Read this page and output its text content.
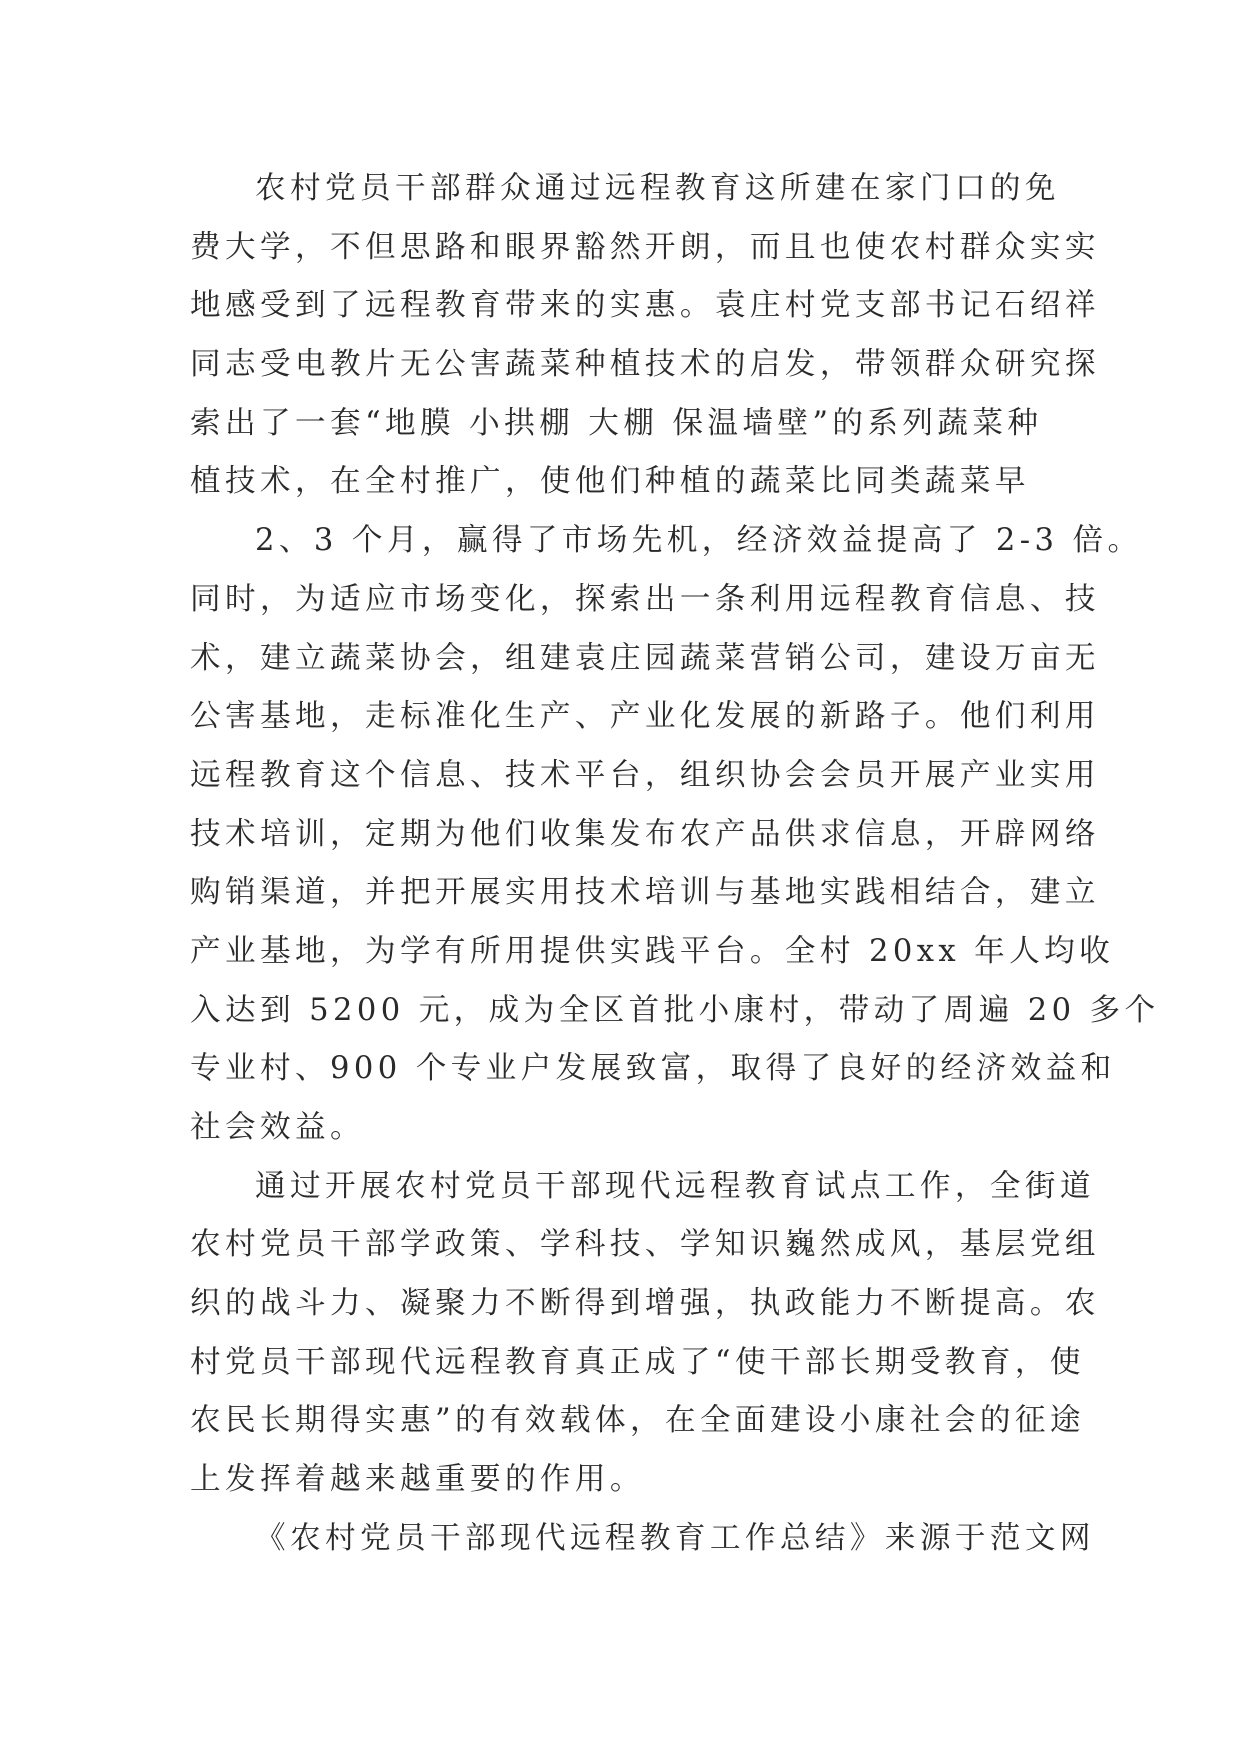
农村党员干部群众通过远程教育这所建在家门口的免
费大学，不但思路和眼界豁然开朗，而且也使农村群众实实
地感受到了远程教育带来的实惠。袁庄村党支部书记石绍祥
同志受电教片无公害蔬菜种植技术的启发，带领群众研究探
索出了一套“地膜 小拱棚 大棚 保温墙壁”的系列蔬菜种
植技术，在全村推广，使他们种植的蔬菜比同类蔬菜早
2、3 个月，赢得了市场先机，经济效益提高了 2-3 倍。
同时，为适应市场变化，探索出一条利用远程教育信息、技
术，建立蔬菜协会，组建袁庄园蔬菜营销公司，建设万亩无
公害基地，走标准化生产、产业化发展的新路子。他们利用
远程教育这个信息、技术平台，组织协会会员开展产业实用
技术培训，定期为他们收集发布农产品供求信息，开辟网络
购销渠道，并把开展实用技术培训与基地实践相结合，建立
产业基地，为学有所用提供实践平台。全村 20xx 年人均收
入达到 5200 元，成为全区首批小康村，带动了周遍 20 多个
专业村、900 个专业户发展致富，取得了良好的经济效益和
社会效益。
通过开展农村党员干部现代远程教育试点工作，全街道
农村党员干部学政策、学科技、学知识巍然成风，基层党组
织的战斗力、凝聚力不断得到增强，执政能力不断提高。农
村党员干部现代远程教育真正成了“使干部长期受教育，使
农民长期得实惠”的有效载体，在全面建设小康社会的征途
上发挥着越来越重要的作用。
《农村党员干部现代远程教育工作总结》来源于范文网
